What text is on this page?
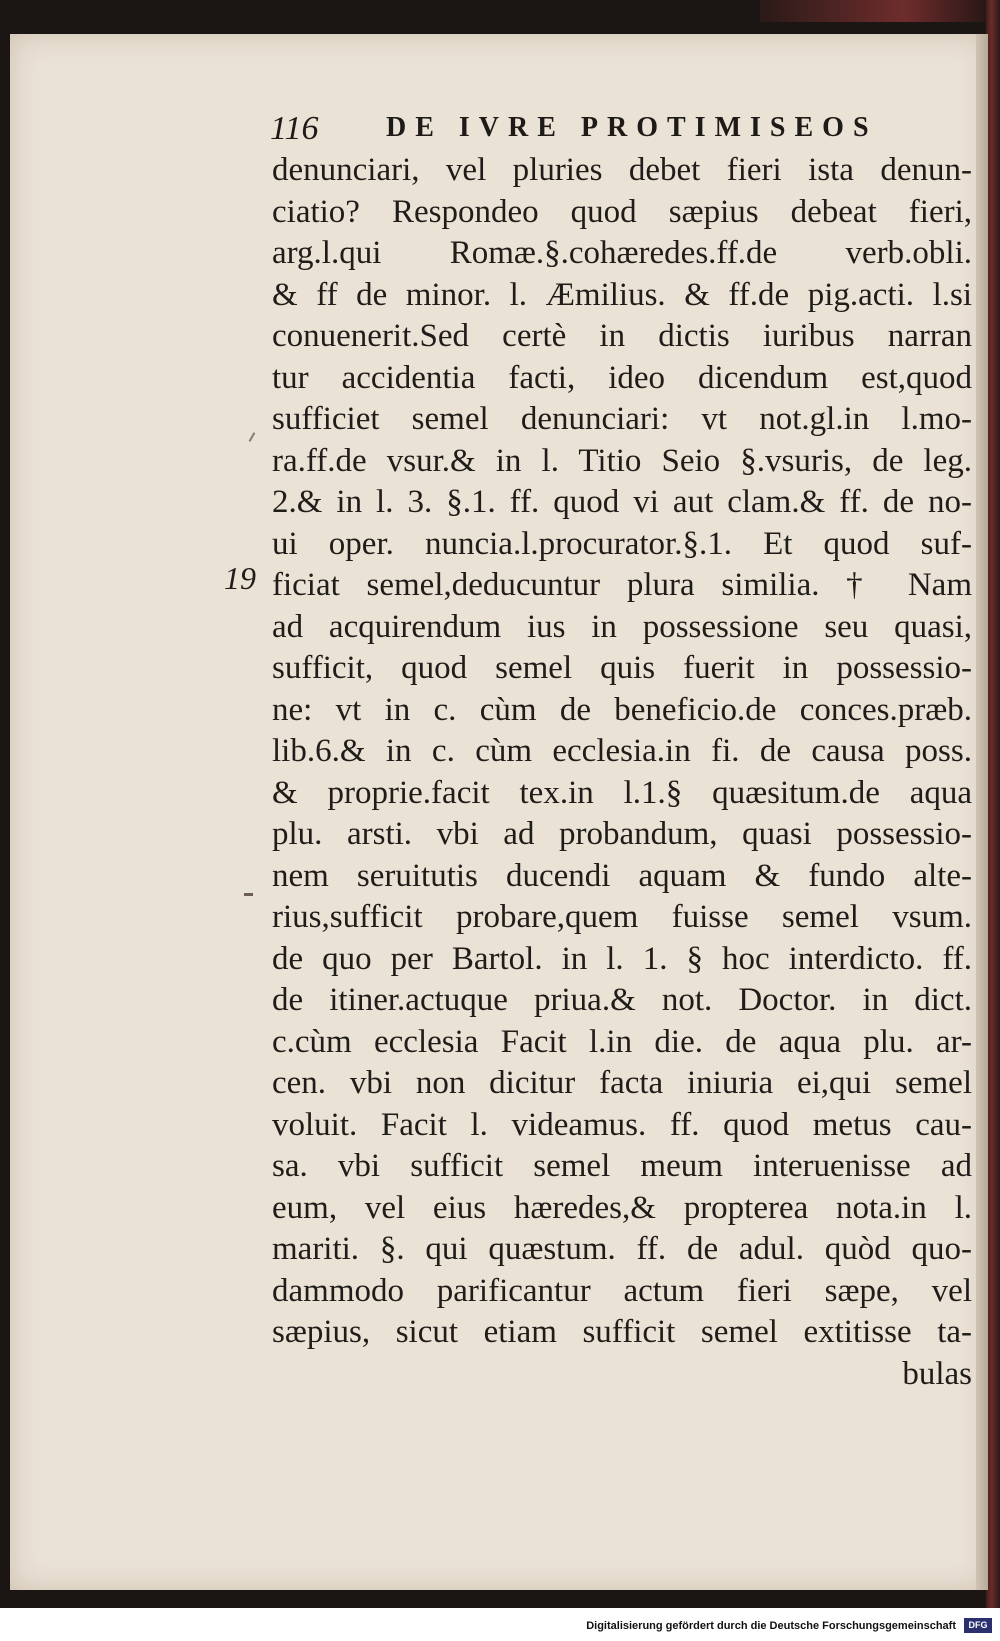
116 DE IVRE PROTIMISEOS
19
denunciari, vel pluries debet fieri ista denun-
ciatio? Respondeo quod sæpius debeat fieri,
arg.l.qui Romæ.§.cohæredes.ff.de verb.obli.
& ff de minor. l. Æmilius. & ff.de pig.acti. l.si
conuenerit.Sed certè in dictis iuribus narran
tur accidentia facti, ideo dicendum est,quod
sufficiet semel denunciari: vt not.gl.in l.mo-
ra.ff.de vsur.& in l. Titio Seio §.vsuris, de leg.
2.& in l. 3. §.1. ff. quod vi aut clam.& ff. de no-
ui oper. nuncia.l.procurator.§.1. Et quod suf-
ficiat semel,deducuntur plura similia. † Nam
ad acquirendum ius in possessione seu quasi,
sufficit, quod semel quis fuerit in possessio-
ne: vt in c. cùm de beneficio.de conces.præb.
lib.6.& in c. cùm ecclesia.in fi. de causa poss.
& proprie.facit tex.in l.1.§ quæsitum.de aqua
plu. arsti. vbi ad probandum, quasi possessio-
nem seruitutis ducendi aquam & fundo alte-
rius,sufficit probare,quem fuisse semel vsum.
de quo per Bartol. in l. 1. § hoc interdicto. ff.
de itiner.actuque priua.& not. Doctor. in dict.
c.cùm ecclesia Facit l.in die. de aqua plu. ar-
cen. vbi non dicitur facta iniuria ei,qui semel
voluit. Facit l. videamus. ff. quod metus cau-
sa. vbi sufficit semel meum interuenisse ad
eum, vel eius hæredes,& propterea nota.in l.
mariti. §. qui quæstum. ff. de adul. quòd quo-
dammodo parificantur actum fieri sæpe, vel
sæpius, sicut etiam sufficit semel extitisse ta-
bulas
Digitalisierung gefördert durch die Deutsche Forschungsgemeinschaft	DFG
